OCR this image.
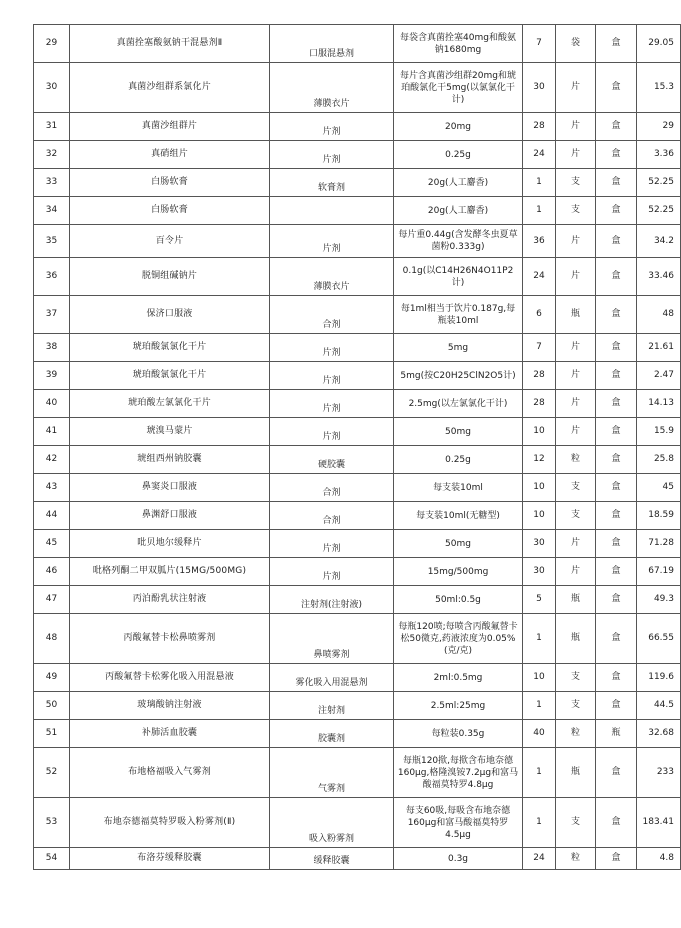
29	真菌拴塞酸氨钠干混悬剂Ⅱ	口服混悬剂	每袋含真菌拴塞40mg和酸氨钠1680mg	7	袋	盒	29.05
30	真菌沙组群系氯化片	薄膜衣片	每片含真菌沙组群20mg和琥珀酸氯化干5mg(以氯氯化干计)	30	片	盒	15.3
31	真菌沙组群片	片剂	20mg	28	片	盒	29
32	真硝组片	片剂	0.25g	24	片	盒	3.36
33	白肠软膏	软膏剂	20g(人工麝香)	1	支	盒	52.25
34	白肠软膏		20g(人工麝香)	1	支	盒	52.25
35	百令片	片剂	每片重0.44g(含发酵冬虫夏草菌粉0.333g)	36	片	盒	34.2
36	脱铜组碱钠片	薄膜衣片	0.1g(以C14H26N4O11P2计)	24	片	盒	33.46
37	保济口服液	合剂	每1ml相当于饮片0.187g,每瓶装10ml	6	瓶	盒	48
38	琥珀酸氯氯化干片	片剂	5mg	7	片	盒	21.61
39	琥珀酸氯氯化干片	片剂	5mg(按C20H25ClN2O5计)	28	片	盒	2.47
40	琥珀酸左氯氯化干片	片剂	2.5mg(以左氯氯化干计)	28	片	盒	14.13
41	琥溴马蒙片	片剂	50mg	10	片	盒	15.9
42	琥组西州钠胶囊	硬胶囊	0.25g	12	粒	盒	25.8
43	鼻窦炎口服液	合剂	每支装10ml	10	支	盒	45
44	鼻渊舒口服液	合剂	每支装10ml(无糖型)	10	支	盒	18.59
45	吡贝地尔缓释片	片剂	50mg	30	片	盒	71.28
46	吡格列酮二甲双胍片(15MG/500MG)	片剂	15mg/500mg	30	片	盒	67.19
47	丙泊酚乳状注射液	注射剂(注射液)	50ml:0.5g	5	瓶	盒	49.3
48	丙酸氟替卡松鼻喷雾剂	鼻喷雾剂	每瓶120喷;每喷含丙酸氟替卡松50微克,药液浓度为0.05%(克/克)	1	瓶	盒	66.55
49	丙酸氟替卡松雾化吸入用混悬液	雾化吸入用混悬剂	2ml:0.5mg	10	支	盒	119.6
50	玻璃酸钠注射液	注射剂	2.5ml:25mg	1	支	盒	44.5
51	补肺活血胶囊	胶囊剂	每粒装0.35g	40	粒	瓶	32.68
52	布地格福吸入气雾剂	气雾剂	每瓶120揿,每揿含布地奈德160μg,格隆溴铵7.2μg和富马酸福莫特罗4.8μg	1	瓶	盒	233
53	布地奈德福莫特罗吸入粉雾剂(Ⅱ)	吸入粉雾剂	每支60吸,每吸含布地奈德160μg和富马酸福莫特罗4.5μg	1	支	盒	183.41
54	布洛芬缓释胶囊	缓释胶囊	0.3g	24	粒	盒	4.8
